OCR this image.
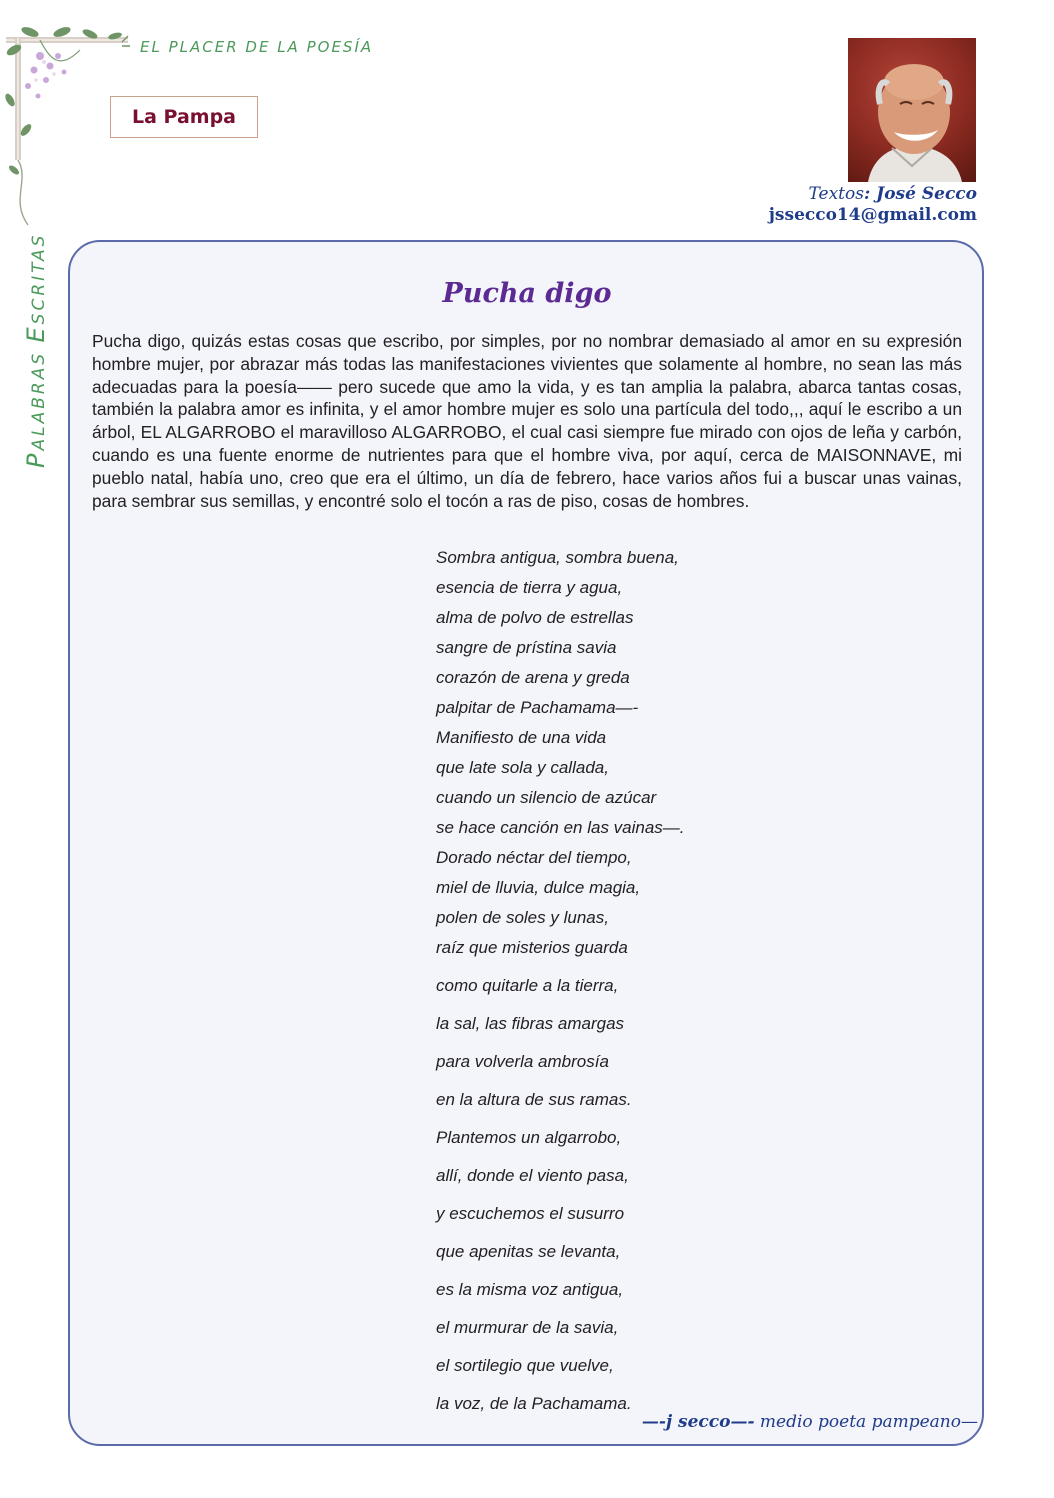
EL PLACER DE LA POESÍA
PALABRAS ESCRITAS
La Pampa
Textos: José Secco
jssecco14@gmail.com
Pucha digo

Pucha digo, quizás estas cosas que escribo, por simples, por no nombrar demasiado al amor en su expresión hombre mujer, por abrazar más todas las manifestaciones vivientes que solamente al hombre, no sean las más adecuadas para la poesía—— pero sucede que amo la vida, y es tan amplia la palabra, abarca tantas cosas, también la palabra amor es infinita, y el amor hombre mujer es solo una partícula del todo,,, aquí le escribo a un árbol, EL ALGARROBO el maravilloso ALGARROBO, el cual casi siempre fue mirado con ojos de leña y carbón, cuando es una fuente enorme de nutrientes para que el hombre viva, por aquí, cerca de MAISONNAVE, mi pueblo natal, había uno, creo que era el último, un día de febrero, hace varios años fui a buscar unas vainas, para sembrar sus semillas, y encontré solo el tocón a ras de piso, cosas de hombres.

Sombra antigua, sombra buena,
esencia de tierra y agua,
alma de polvo de estrellas
sangre de prístina savia
corazón de arena y greda
palpitar de Pachamama—-
Manifiesto de una vida
que late sola y callada,
cuando un silencio de azúcar
se hace canción en las vainas—.
Dorado néctar del tiempo,
miel de lluvia, dulce magia,
polen de soles y lunas,
raíz que misterios guarda
como quitarle a la tierra,
la sal, las fibras amargas
para volverla ambrosía
en la altura de sus ramas.
Plantemos un algarrobo,
allí, donde el viento pasa,
y escuchemos el susurro
que apenitas se levanta,
es la misma voz antigua,
el murmurar de la savia,
el sortilegio que vuelve,
la voz, de la Pachamama.
—-j secco—- medio poeta pampeano—
